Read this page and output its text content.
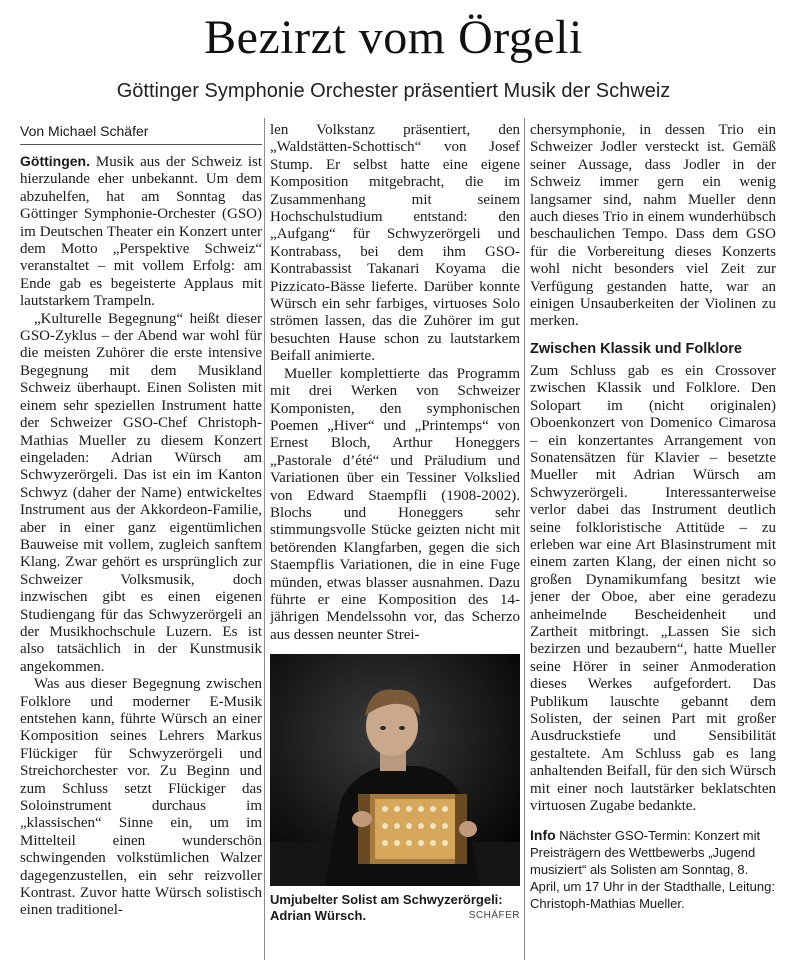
Bezirzt vom Örgeli
Göttinger Symphonie Orchester präsentiert Musik der Schweiz
Von Michael Schäfer

Göttingen. Musik aus der Schweiz ist hierzulande eher unbekannt. Um dem abzuhelfen, hat am Sonntag das Göttinger Symphonie-Orchester (GSO) im Deutschen Theater ein Konzert unter dem Motto „Perspektive Schweiz“ veranstaltet – mit vollem Erfolg: am Ende gab es begeisterte Applaus mit lautstarkem Trampeln.

„Kulturelle Begegnung“ heißt dieser GSO-Zyklus – der Abend war wohl für die meisten Zuhörer die erste intensive Begegnung mit dem Musikland Schweiz überhaupt. Einen Solisten mit einem sehr speziellen Instrument hatte der Schweizer GSO-Chef Christoph-Mathias Mueller zu diesem Konzert eingeladen: Adrian Würsch am Schwyzerörgeli. Das ist ein im Kanton Schwyz (daher der Name) entwickeltes Instrument aus der Akkordeon-Familie, aber in einer ganz eigentümlichen Bauweise mit vollem, zugleich sanftem Klang. Zwar gehört es ursprünglich zur Schweizer Volksmusik, doch inzwischen gibt es einen eigenen Studiengang für das Schwyzerörgeli an der Musikhochschule Luzern. Es ist also tatsächlich in der Kunstmusik angekommen.

Was aus dieser Begegnung zwischen Folklore und moderner E-Musik entstehen kann, führte Würsch an einer Komposition seines Lehrers Markus Flückiger für Schwyzerörgeli und Streichorchester vor. Zu Beginn und zum Schluss setzt Flückiger das Soloinstrument durchaus im „klassischen“ Sinne ein, um im Mittelteil einen wunderschön schwingenden volkstümlichen Walzer dagegenzustellen, ein sehr reizvoller Kontrast. Zuvor hatte Würsch solistisch einen traditionel-

len Volkstanz präsentiert, den „Waldstätten-Schottisch“ von Josef Stump. Er selbst hatte eine eigene Komposition mitgebracht, die im Zusammenhang mit seinem Hochschulstudium entstand: den „Aufgang“ für Schwyzerörgeli und Kontrabass, bei dem ihm GSO-Kontrabassist Takanari Koyama die Pizzicato-Bässe lieferte. Darüber konnte Würsch ein sehr farbiges, virtuoses Solo strömen lassen, das die Zuhörer im gut besuchten Hause schon zu lautstarkem Beifall animierte.

Mueller komplettierte das Programm mit drei Werken von Schweizer Komponisten, den symphonischen Poemen „Hiver“ und „Printemps“ von Ernest Bloch, Arthur Honeggers „Pastorale d’été“ und Präludium und Variationen über ein Tessiner Volkslied von Edward Staempfli (1908-2002). Blochs und Honeggers sehr stimmungsvolle Stücke geizten nicht mit betörenden Klangfarben, gegen die sich Staempflis Variationen, die in eine Fuge münden, etwas blasser ausnahmen. Dazu führte er eine Komposition des 14-jährigen Mendelssohn vor, das Scherzo aus dessen neunter Strei-

Umjubelter Solist am Schwyzerörgeli: Adrian Würsch.	SCHÄFER

chersymphonie, in dessen Trio ein Schweizer Jodler versteckt ist. Gemäß seiner Aussage, dass Jodler in der Schweiz immer gern ein wenig langsamer sind, nahm Mueller denn auch dieses Trio in einem wunderhübsch beschaulichen Tempo. Dass dem GSO für die Vorbereitung dieses Konzerts wohl nicht besonders viel Zeit zur Verfügung gestanden hatte, war an einigen Unsauberkeiten der Violinen zu merken.

Zwischen Klassik und Folklore

Zum Schluss gab es ein Crossover zwischen Klassik und Folklore. Den Solopart im (nicht originalen) Oboenkonzert von Domenico Cimarosa – ein konzertantes Arrangement von Sonatensätzen für Klavier – besetzte Mueller mit Adrian Würsch am Schwyzerörgeli. Interessanterweise verlor dabei das Instrument deutlich seine folkloristische Attitüde – zu erleben war eine Art Blasinstrument mit einem zarten Klang, der einen nicht so großen Dynamikumfang besitzt wie jener der Oboe, aber eine geradezu anheimelnde Bescheidenheit und Zartheit mitbringt. „Lassen Sie sich bezirzen und bezaubern“, hatte Mueller seine Hörer in seiner Anmoderation dieses Werkes aufgefordert. Das Publikum lauschte gebannt dem Solisten, der seinen Part mit großer Ausdruckstiefe und Sensibilität gestaltete. Am Schluss gab es lang anhaltenden Beifall, für den sich Würsch mit einer noch lautstärker beklatschten virtuosen Zugabe bedankte.

Info Nächster GSO-Termin: Konzert mit Preisträgern des Wettbewerbs „Jugend musiziert“ als Solisten am Sonntag, 8. April, um 17 Uhr in der Stadthalle, Leitung: Christoph-Mathias Mueller.
